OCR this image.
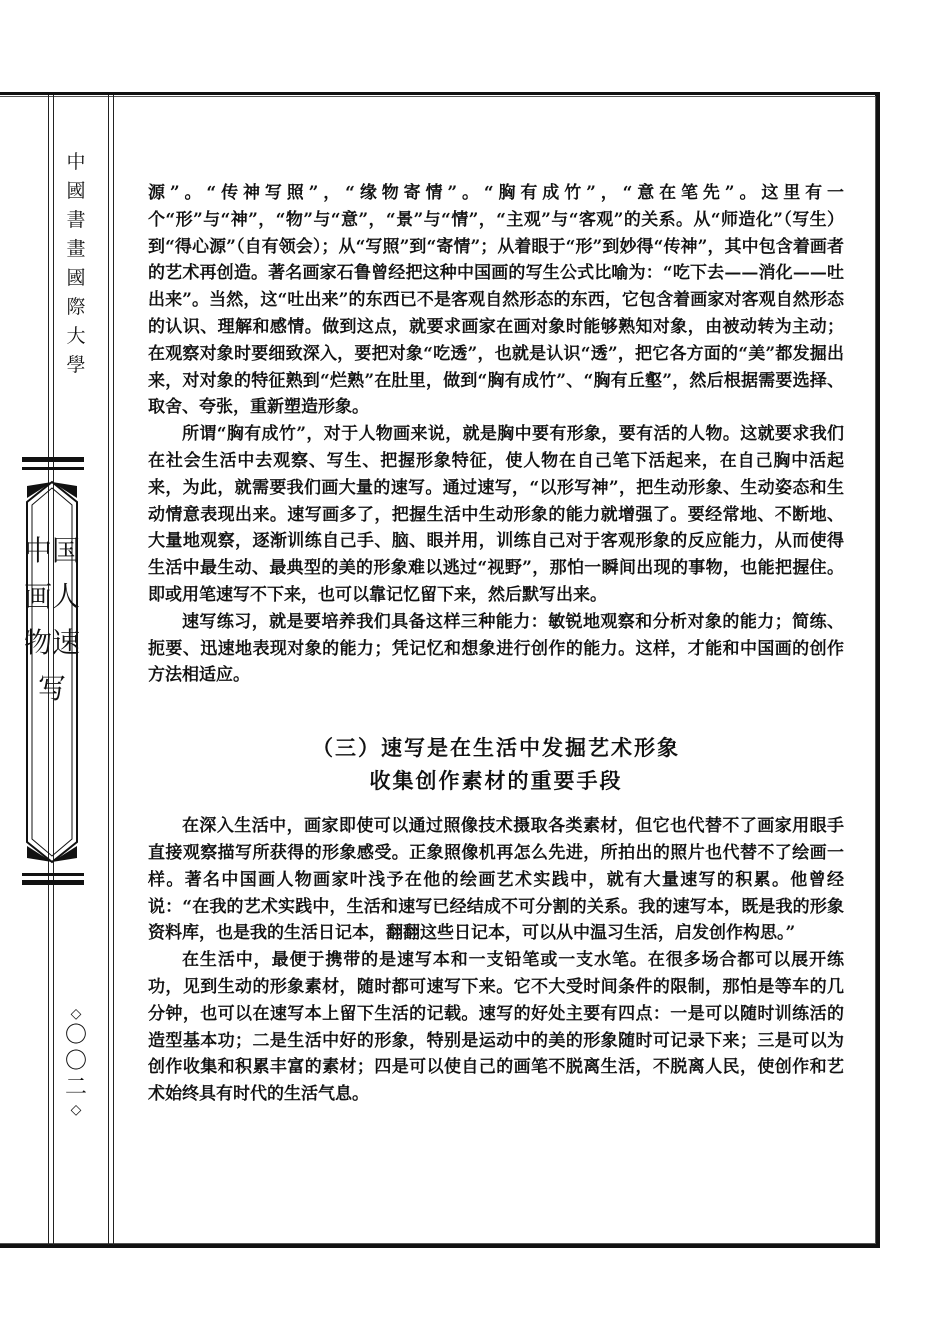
中國書畫國際大學
中国画人物速写
◇
〇〇二
◇

源”。“传神写照”，“缘物寄情”。“胸有成竹”，“意在笔先”。这里有一个“形”与“神”，“物”与“意”，“景”与“情”，“主观”与“客观”的关系。从“师造化”（写生）到“得心源”（自有领会）；从“写照”到“寄情”；从着眼于“形”到妙得“传神”，其中包含着画者的艺术再创造。著名画家石鲁曾经把这种中国画的写生公式比喻为：“吃下去——消化——吐出来”。当然，这“吐出来”的东西已不是客观自然形态的东西，它包含着画家对客观自然形态的认识、理解和感情。做到这点，就要求画家在画对象时能够熟知对象，由被动转为主动；在观察对象时要细致深入，要把对象“吃透”，也就是认识“透”，把它各方面的“美”都发掘出来，对对象的特征熟到“烂熟”在肚里，做到“胸有成竹”、“胸有丘壑”，然后根据需要选择、取舍、夸张，重新塑造形象。

所谓“胸有成竹”，对于人物画来说，就是胸中要有形象，要有活的人物。这就要求我们在社会生活中去观察、写生、把握形象特征，使人物在自己笔下活起来，在自己胸中活起来，为此，就需要我们画大量的速写。通过速写，“以形写神”，把生动形象、生动姿态和生动情意表现出来。速写画多了，把握生活中生动形象的能力就增强了。要经常地、不断地、大量地观察，逐渐训练自己手、脑、眼并用，训练自己对于客观形象的反应能力，从而使得生活中最生动、最典型的美的形象难以逃过“视野”，那怕一瞬间出现的事物，也能把握住。即或用笔速写不下来，也可以靠记忆留下来，然后默写出来。

速写练习，就是要培养我们具备这样三种能力：敏锐地观察和分析对象的能力；简练、扼要、迅速地表现对象的能力；凭记忆和想象进行创作的能力。这样，才能和中国画的创作方法相适应。

（三）速写是在生活中发掘艺术形象

收集创作素材的重要手段

在深入生活中，画家即使可以通过照像技术摄取各类素材，但它也代替不了画家用眼手直接观察描写所获得的形象感受。正象照像机再怎么先进，所拍出的照片也代替不了绘画一样。著名中国画人物画家叶浅予在他的绘画艺术实践中，就有大量速写的积累。他曾经说：“在我的艺术实践中，生活和速写已经结成不可分割的关系。我的速写本，既是我的形象资料库，也是我的生活日记本，翻翻这些日记本，可以从中温习生活，启发创作构思。”

在生活中，最便于携带的是速写本和一支铅笔或一支水笔。在很多场合都可以展开练功，见到生动的形象素材，随时都可速写下来。它不大受时间条件的限制，那怕是等车的几分钟，也可以在速写本上留下生活的记载。速写的好处主要有四点：一是可以随时训练活的造型基本功；二是生活中好的形象，特别是运动中的美的形象随时可记录下来；三是可以为创作收集和积累丰富的素材；四是可以使自己的画笔不脱离生活，不脱离人民，使创作和艺术始终具有时代的生活气息。
